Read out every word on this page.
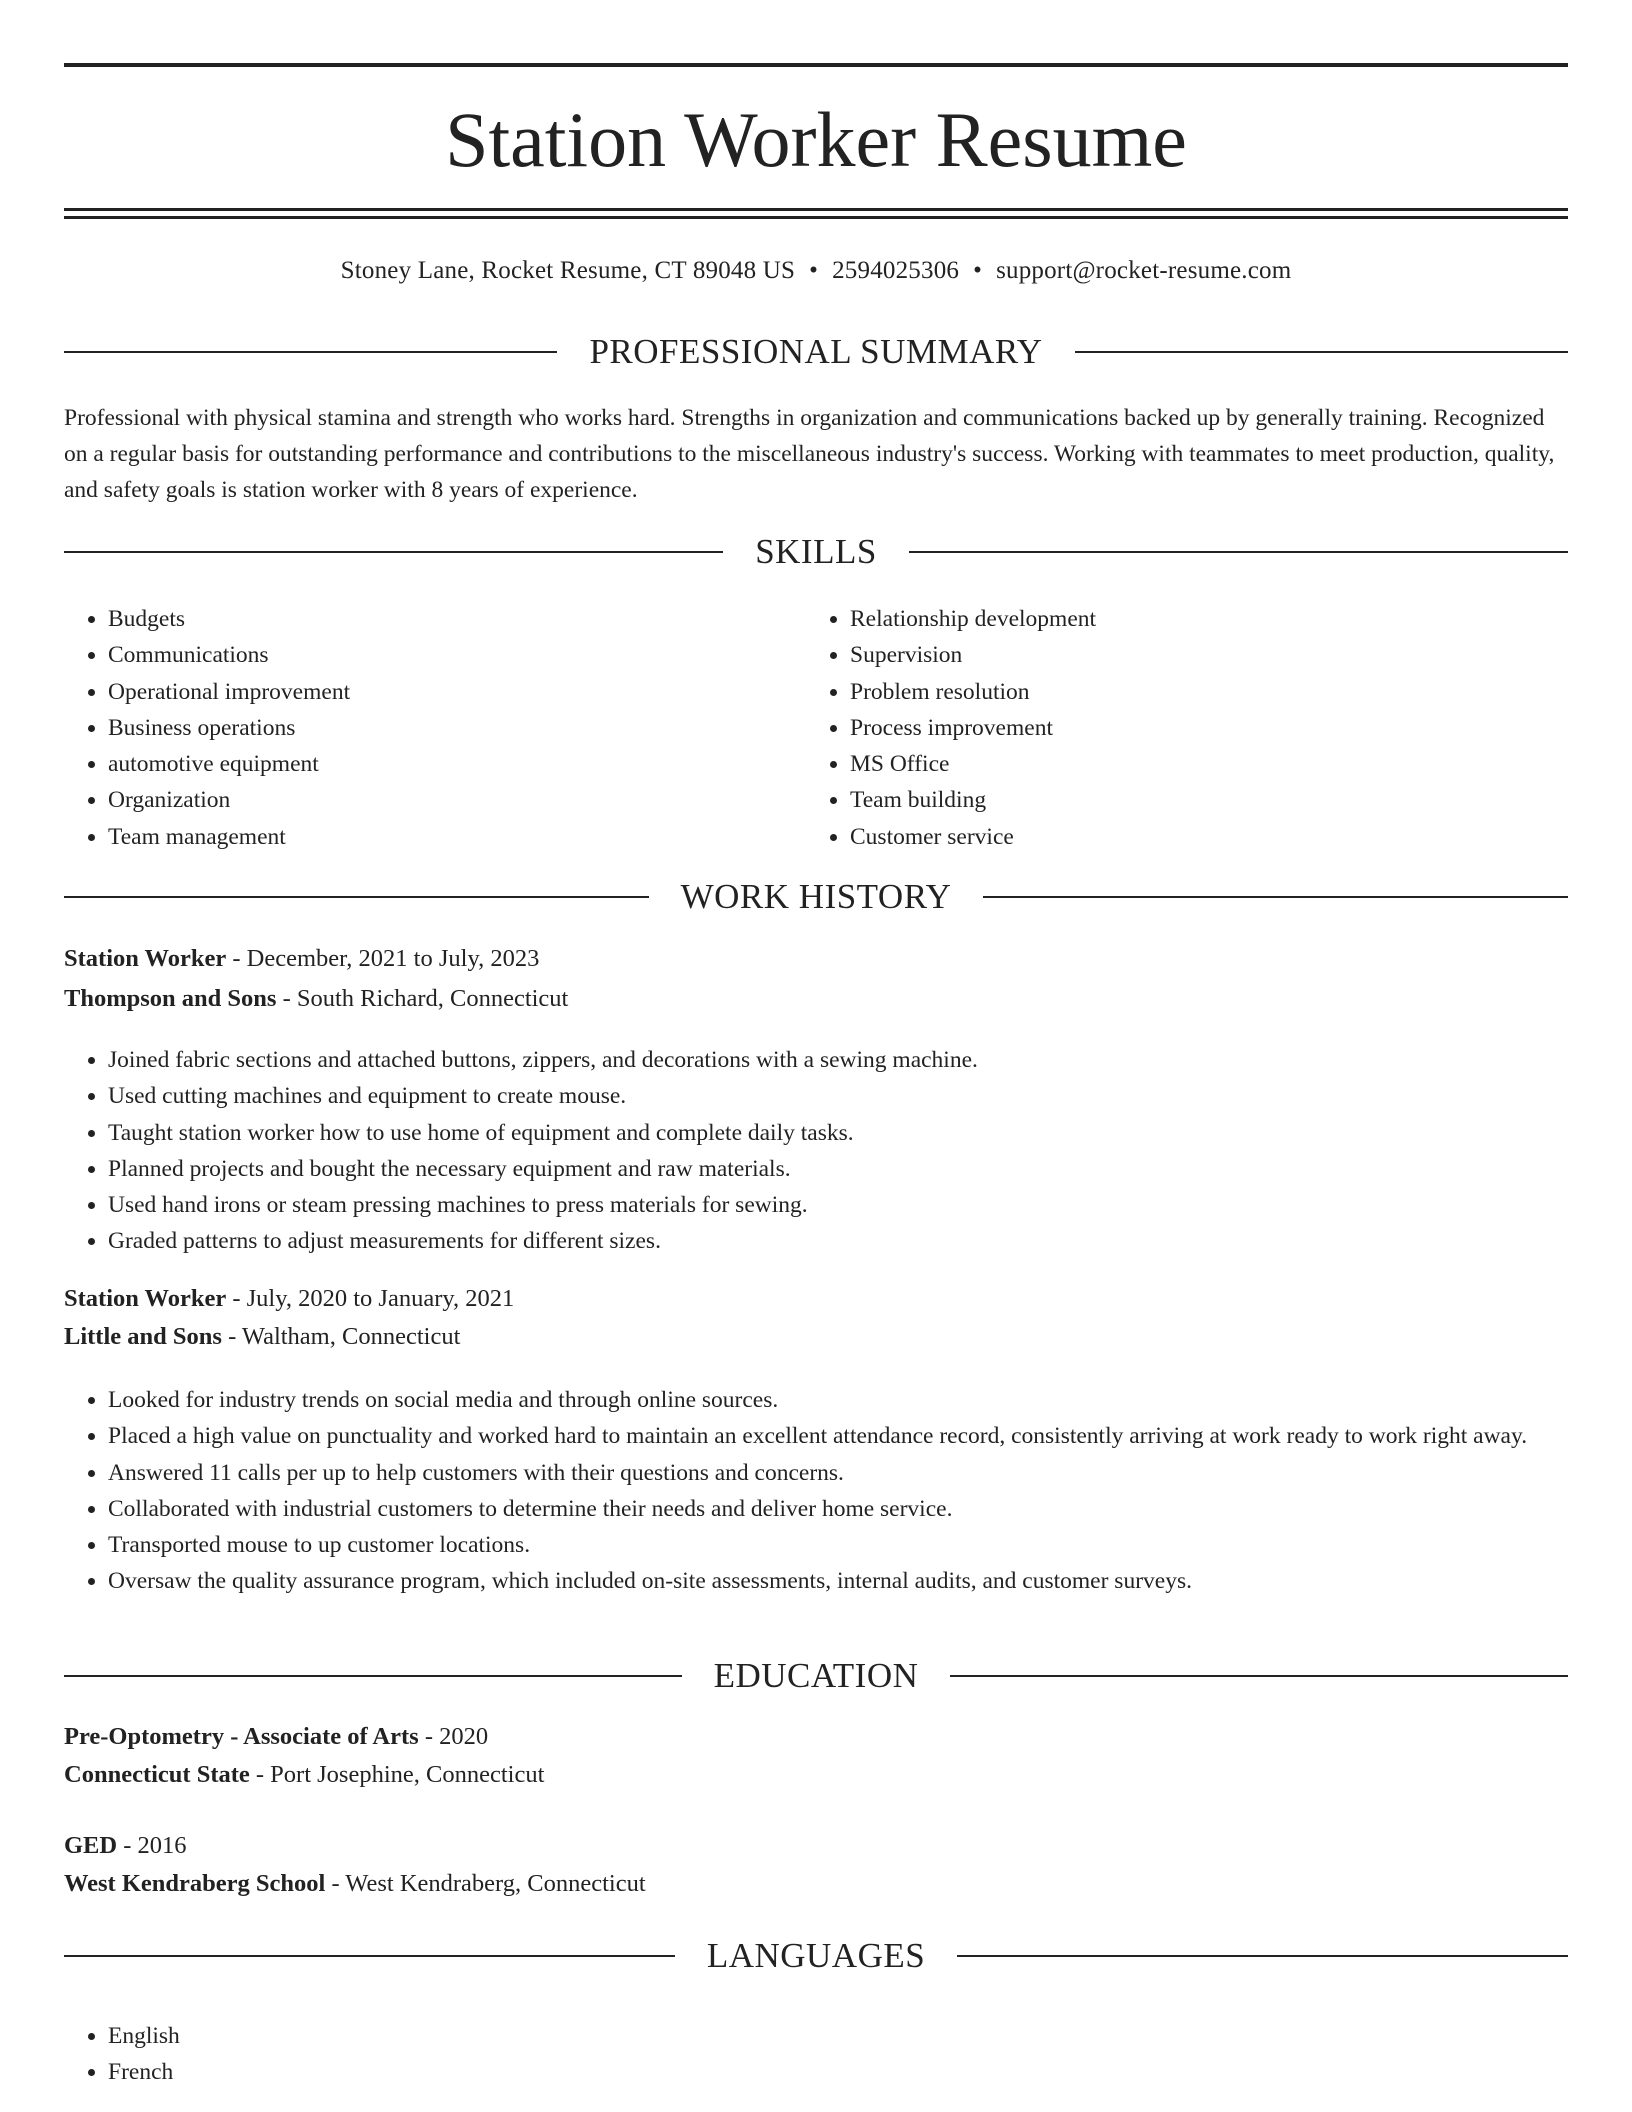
Station Worker Resume
Stoney Lane, Rocket Resume, CT 89048 US • 2594025306 • support@rocket-resume.com
PROFESSIONAL SUMMARY

Professional with physical stamina and strength who works hard. Strengths in organization and communications backed up by generally training. Recognized on a regular basis for outstanding performance and contributions to the miscellaneous industry's success. Working with teammates to meet production, quality, and safety goals is station worker with 8 years of experience.

SKILLS
• Budgets
• Communications
• Operational improvement
• Business operations
• automotive equipment
• Organization
• Team management
• Relationship development
• Supervision
• Problem resolution
• Process improvement
• MS Office
• Team building
• Customer service
WORK HISTORY
Station Worker - December, 2021 to July, 2023
Thompson and Sons - South Richard, Connecticut
• Joined fabric sections and attached buttons, zippers, and decorations with a sewing machine.
• Used cutting machines and equipment to create mouse.
• Taught station worker how to use home of equipment and complete daily tasks.
• Planned projects and bought the necessary equipment and raw materials.
• Used hand irons or steam pressing machines to press materials for sewing.
• Graded patterns to adjust measurements for different sizes.
Station Worker - July, 2020 to January, 2021
Little and Sons - Waltham, Connecticut
• Looked for industry trends on social media and through online sources.
• Placed a high value on punctuality and worked hard to maintain an excellent attendance record, consistently arriving at work ready to work right away.
• Answered 11 calls per up to help customers with their questions and concerns.
• Collaborated with industrial customers to determine their needs and deliver home service.
• Transported mouse to up customer locations.
• Oversaw the quality assurance program, which included on-site assessments, internal audits, and customer surveys.
EDUCATION
Pre-Optometry - Associate of Arts - 2020
Connecticut State - Port Josephine, Connecticut
GED - 2016
West Kendraberg School - West Kendraberg, Connecticut
LANGUAGES
• English
• French
